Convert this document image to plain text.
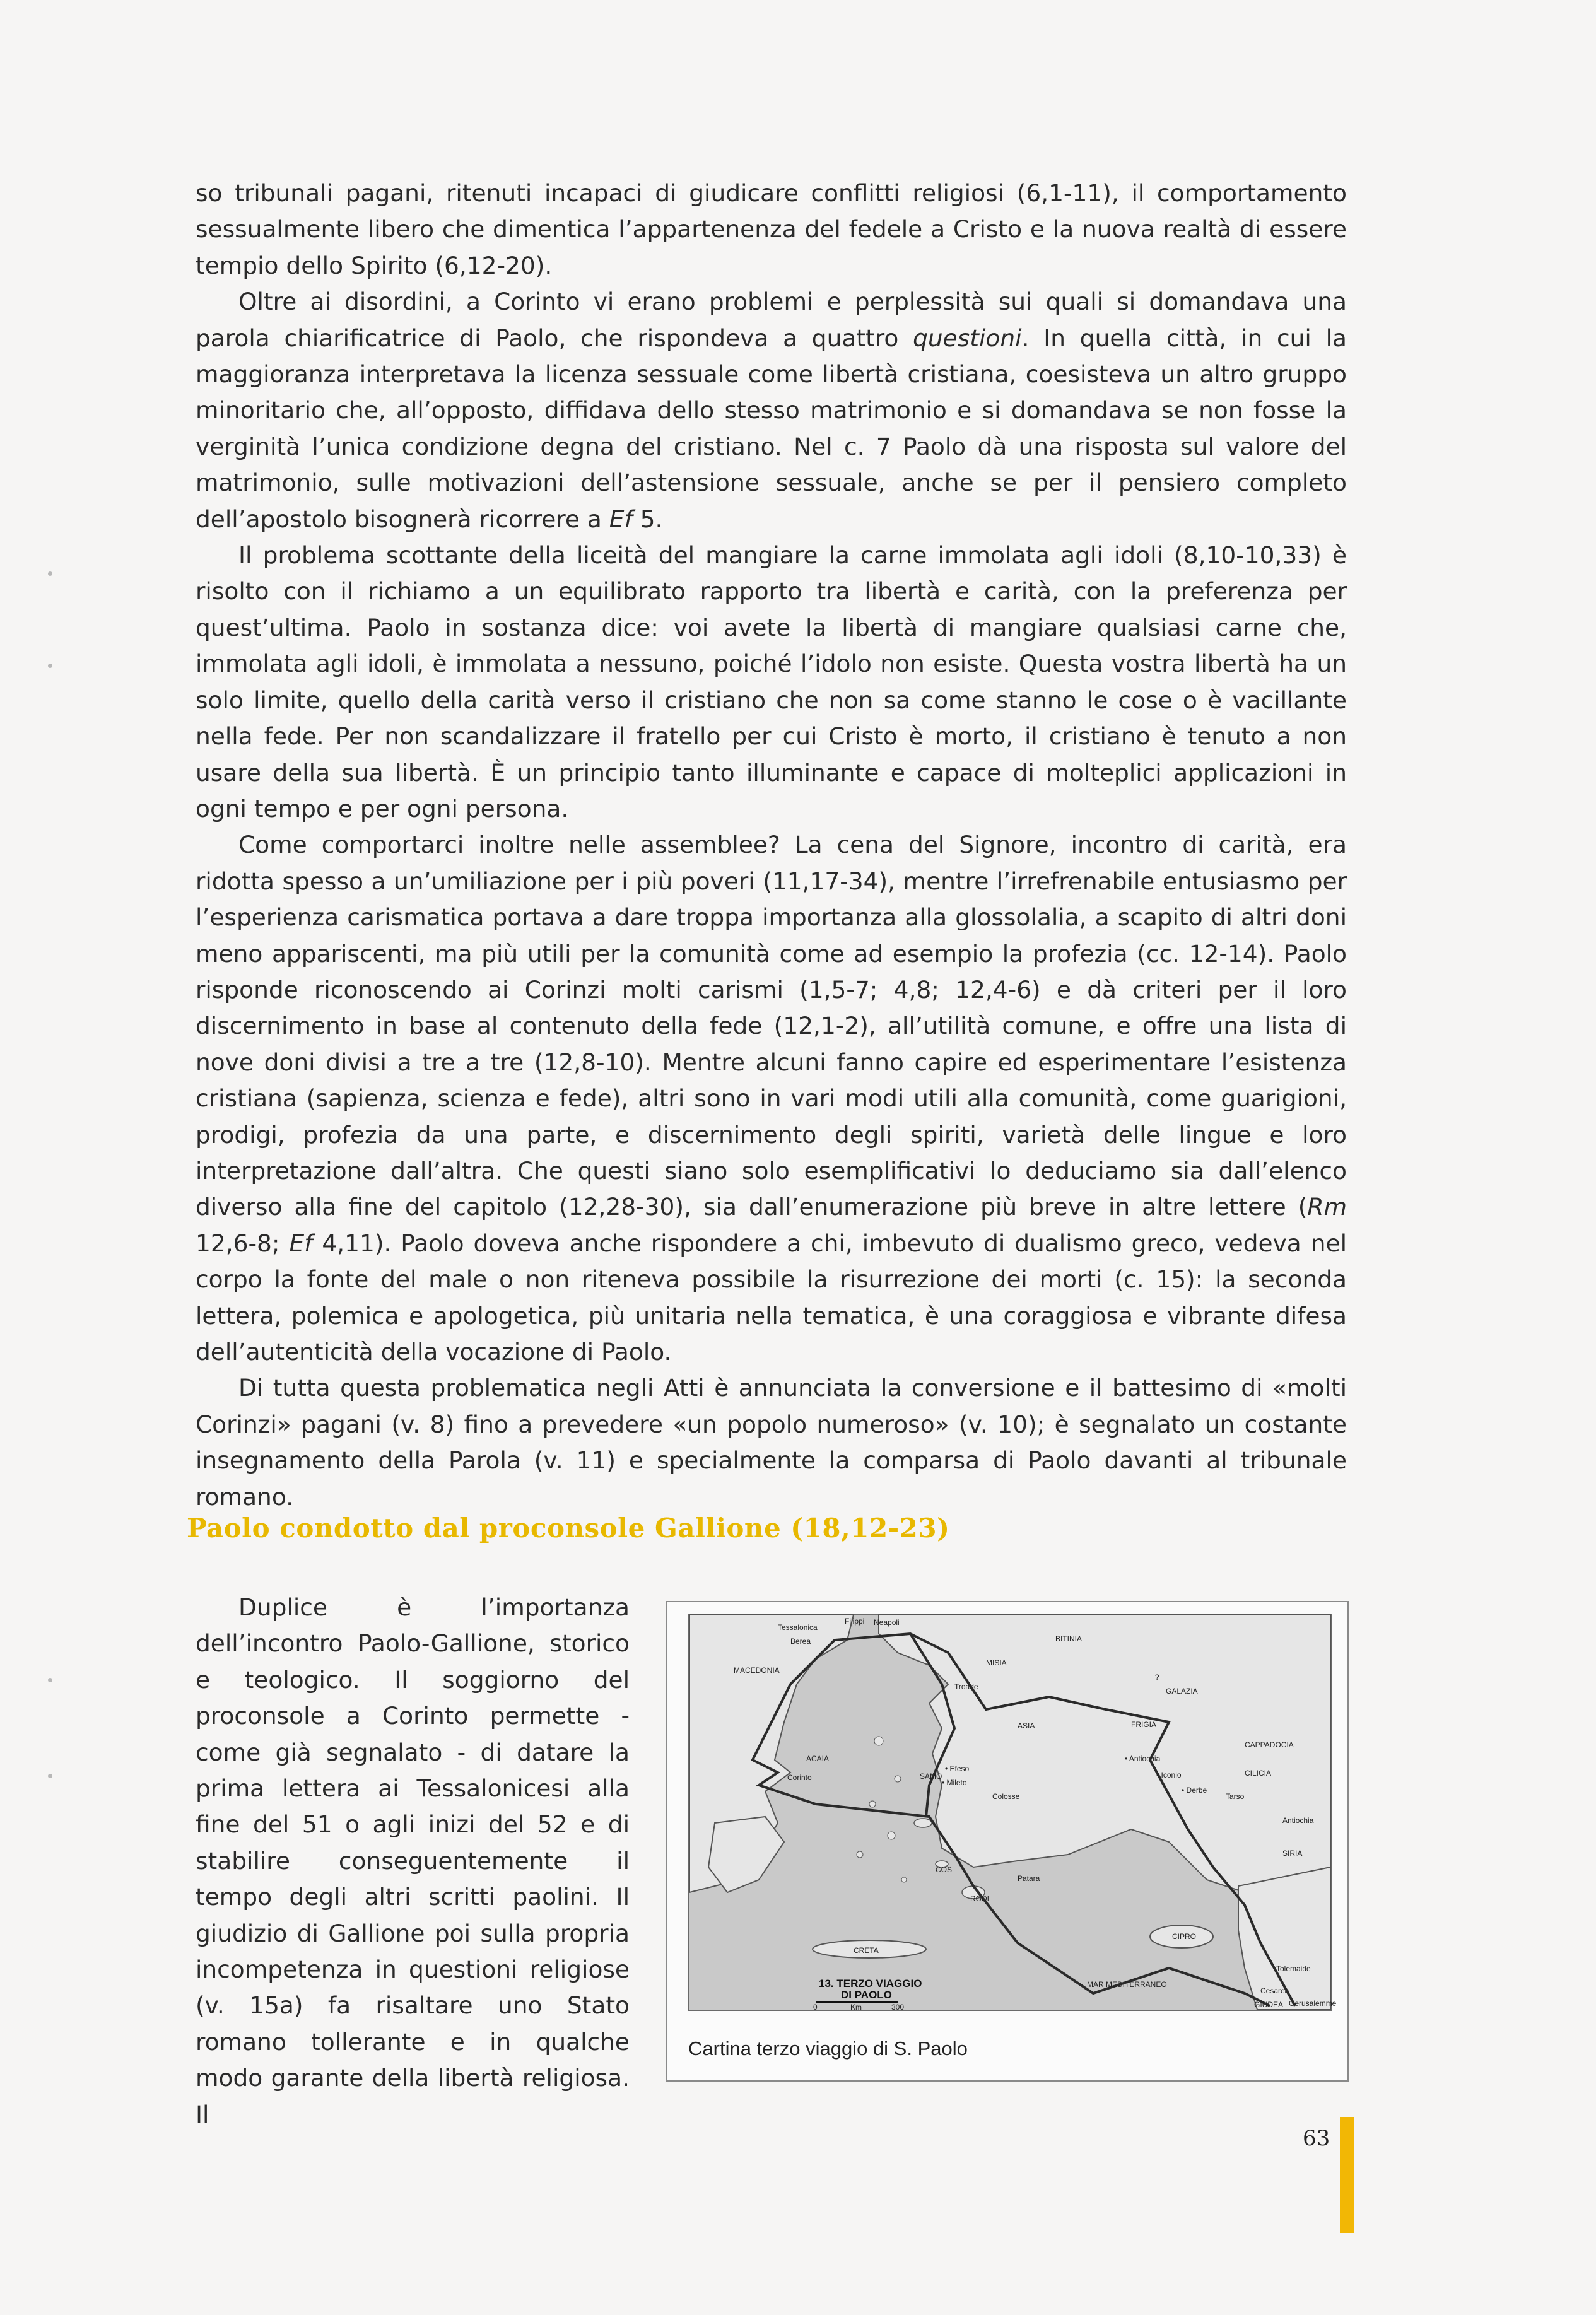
so tribunali pagani, ritenuti incapaci di giudicare conflitti religiosi (6,1-11), il comportamento sessualmente libero che dimentica l’appartenenza del fedele a Cristo e la nuova realtà di essere tempio dello Spirito (6,12-20).

Oltre ai disordini, a Corinto vi erano problemi e perplessità sui quali si domandava una parola chiarificatrice di Paolo, che rispondeva a quattro questioni. In quella città, in cui la maggioranza interpretava la licenza sessuale come libertà cristiana, coesisteva un altro gruppo minoritario che, all’opposto, diffidava dello stesso matrimonio e si domandava se non fosse la verginità l’unica condizione degna del cristiano. Nel c. 7 Paolo dà una risposta sul valore del matrimonio, sulle motivazioni dell’astensione sessuale, anche se per il pensiero completo dell’apostolo bisognerà ricorrere a Ef 5.

Il problema scottante della liceità del mangiare la carne immolata agli idoli (8,10-10,33) è risolto con il richiamo a un equilibrato rapporto tra libertà e carità, con la preferenza per quest’ultima. Paolo in sostanza dice: voi avete la libertà di mangiare qualsiasi carne che, immolata agli idoli, è immolata a nessuno, poiché l’idolo non esiste. Questa vostra libertà ha un solo limite, quello della carità verso il cristiano che non sa come stanno le cose o è vacillante nella fede. Per non scandalizzare il fratello per cui Cristo è morto, il cristiano è tenuto a non usare della sua libertà. È un principio tanto illuminante e capace di molteplici applicazioni in ogni tempo e per ogni persona.

Come comportarci inoltre nelle assemblee? La cena del Signore, incontro di carità, era ridotta spesso a un’umiliazione per i più poveri (11,17-34), mentre l’irrefrenabile entusiasmo per l’esperienza carismatica portava a dare troppa importanza alla glossolalia, a scapito di altri doni meno appariscenti, ma più utili per la comunità come ad esempio la profezia (cc. 12-14). Paolo risponde riconoscendo ai Corinzi molti carismi (1,5-7; 4,8; 12,4-6) e dà criteri per il loro discernimento in base al contenuto della fede (12,1-2), all’utilità comune, e offre una lista di nove doni divisi a tre a tre (12,8-10). Mentre alcuni fanno capire ed esperimentare l’esistenza cristiana (sapienza, scienza e fede), altri sono in vari modi utili alla comunità, come guarigioni, prodigi, profezia da una parte, e discernimento degli spiriti, varietà delle lingue e loro interpretazione dall’altra. Che questi siano solo esemplificativi lo deduciamo sia dall’elenco diverso alla fine del capitolo (12,28-30), sia dall’enumerazione più breve in altre lettere (Rm 12,6-8; Ef 4,11). Paolo doveva anche rispondere a chi, imbevuto di dualismo greco, vedeva nel corpo la fonte del male o non riteneva possibile la risurrezione dei morti (c. 15): la seconda lettera, polemica e apologetica, più unitaria nella tematica, è una coraggiosa e vibrante difesa dell’autenticità della vocazione di Paolo.

Di tutta questa problematica negli Atti è annunciata la conversione e il battesimo di «molti Corinzi» pagani (v. 8) fino a prevedere «un popolo numeroso» (v. 10); è segnalato un costante insegnamento della Parola (v. 11) e specialmente la comparsa di Paolo davanti al tribunale romano.

Paolo condotto dal proconsole Gallione (18,12-23)

Duplice è l’importanza dell’incontro Paolo-Gallione, storico e teologico. Il soggiorno del proconsole a Corinto permette - come già segnalato - di datare la prima lettera ai Tessalonicesi alla fine del 51 o agli inizi del 52 e di stabilire conseguentemente il tempo degli altri scritti paolini. Il giudizio di Gallione poi sulla propria incompetenza in questioni religiose (v. 15a) fa risaltare uno Stato romano tollerante e in qualche modo garante della libertà religiosa. Il

Tessalonica
Filippi Neapoli
Berea
MACEDONIA
Troade
MISIA
BITINIA
GALAZIA
?
ASIA	FRIGIA
CAPPADOCIA
• Antiochia
• Iconio	CILICIA
• Derbe
Tarso
Antiochia
SIRIA
ACAIA
Corinto	SAMO
• Efeso
• Mileto
Colosse
COS
RODI
Patara
CRETA
CIPRO
MAR MEDITERRANEO
Tolemaide
Cesarea
GIUDEA Gerusalemme
13. TERZO VIAGGIO
DI PAOLO
0	Km	300
Cartina terzo viaggio di S. Paolo
63
